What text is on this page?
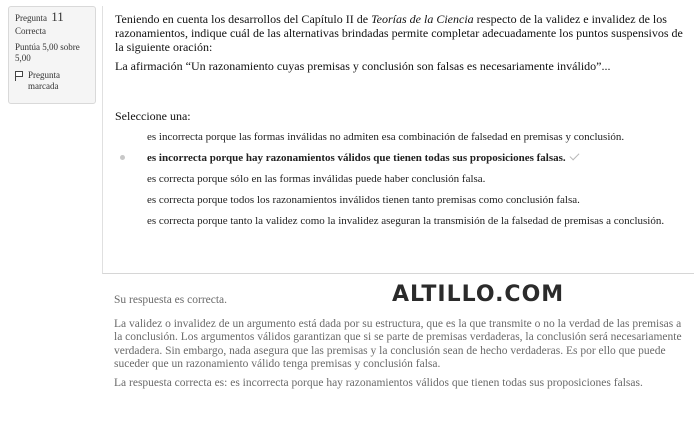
Pregunta 11
Correcta
Puntúa 5,00 sobre 5,00
Pregunta marcada

Teniendo en cuenta los desarrollos del Capítulo II de Teorías de la Ciencia respecto de la validez e invalidez de los razonamientos, indique cuál de las alternativas brindadas permite completar adecuadamente los puntos suspensivos de la siguiente oración:

La afirmación “Un razonamiento cuyas premisas y conclusión son falsas es necesariamente inválido”...

Seleccione una:
es incorrecta porque las formas inválidas no admiten esa combinación de falsedad en premisas y conclusión.
es incorrecta porque hay razonamientos válidos que tienen todas sus proposiciones falsas.
es correcta porque sólo en las formas inválidas puede haber conclusión falsa.
es correcta porque todos los razonamientos inválidos tienen tanto premisas como conclusión falsa.
es correcta porque tanto la validez como la invalidez aseguran la transmisión de la falsedad de premisas a conclusión.
ALTILLO.COM

Su respuesta es correcta.

La validez o invalidez de un argumento está dada por su estructura, que es la que transmite o no la verdad de las premisas a la conclusión. Los argumentos válidos garantizan que si se parte de premisas verdaderas, la conclusión será necesariamente verdadera. Sin embargo, nada asegura que las premisas y la conclusión sean de hecho verdaderas. Es por ello que puede suceder que un razonamiento válido tenga premisas y conclusión falsa.

La respuesta correcta es: es incorrecta porque hay razonamientos válidos que tienen todas sus proposiciones falsas.
